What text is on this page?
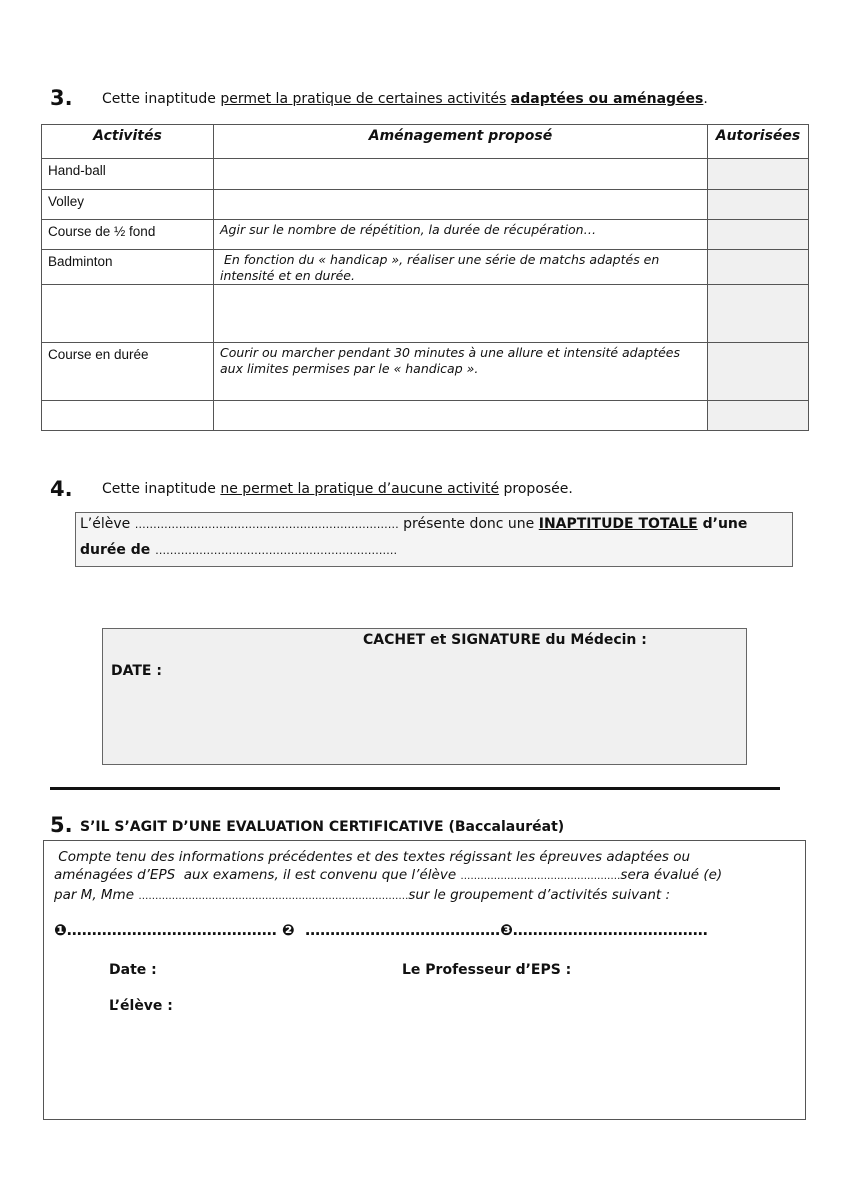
3. Cette inaptitude permet la pratique de certaines activités adaptées ou aménagées.
Activités	Aménagement proposé	Autorisées
Hand-ball	

Volley	

Course de ½ fond	Agir sur le nombre de répétition, la durée de récupération…	

Badminton	En fonction du « handicap », réaliser une série de matchs adaptés en
intensité et en durée.	

Course en durée	Courir ou marcher pendant 30 minutes à une allure et intensité adaptées
aux limites permises par le « handicap ».	

4. Cette inaptitude ne permet la pratique d’aucune activité proposée.
L’élève ……………………………………………………………… présente donc une INAPTITUDE TOTALE d’une
durée de …………………………………………………………
CACHET et SIGNATURE du Médecin :
DATE :
5. S’IL S’AGIT D’UNE EVALUATION CERTIFICATIVE (Baccalauréat)
Compte tenu des informations précédentes et des textes régissant les épreuves adaptées ou
aménagées d’EPS  aux examens, il est convenu que l’élève …………………………………………sera évalué (e)
par M, Mme ………………………………………………………………………sur le groupement d’activités suivant :
❶…………………………………… ❷  …………………………………❸…………………………………
Date :	Le Professeur d’EPS :
L’élève :
